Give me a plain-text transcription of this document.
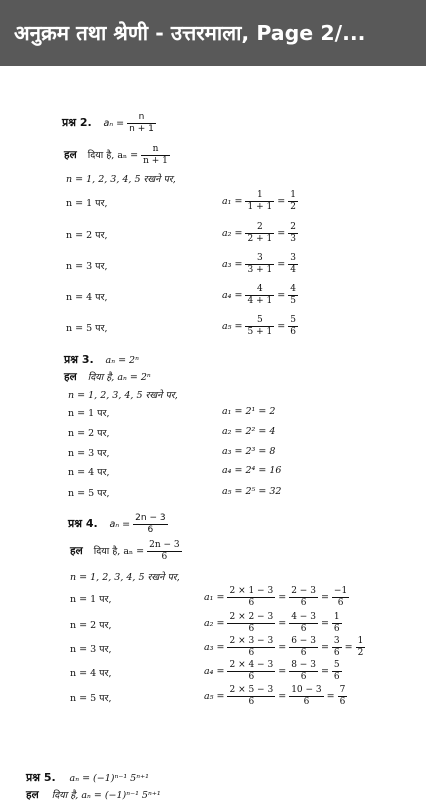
अनुक्रम तथा श्रेणी - उत्तरमाला, Page 2/...
प्रश्न 2. $a_n = \frac{n}{n + 1}$
हल दिया है, $a_n = \frac{n}{n + 1}$
n = 1, 2, 3, 4, 5 रखने पर,
n = 1 पर,	$a_1 = \frac{1}{1 + 1} = \frac{1}{2}$
n = 2 पर,	$a_2 = \frac{2}{2 + 1} = \frac{2}{3}$
n = 3 पर,	$a_3 = \frac{3}{3 + 1} = \frac{3}{4}$
n = 4 पर,	$a_4 = \frac{4}{4 + 1} = \frac{4}{5}$
n = 5 पर,	$a_5 = \frac{5}{5 + 1} = \frac{5}{6}$
प्रश्न 3. aₙ = 2ⁿ
हल दिया है, aₙ = 2ⁿ
n = 1, 2, 3, 4, 5 रखने पर,
n = 1 पर,	a₁ = 2¹ = 2
n = 2 पर,	a₂ = 2² = 4
n = 3 पर,	a₃ = 2³ = 8
n = 4 पर,	a₄ = 2⁴ = 16
n = 5 पर,	a₅ = 2⁵ = 32
प्रश्न 4. $a_n = \frac{2n - 3}{6}$
हल दिया है, $a_n = \frac{2n - 3}{6}$
n = 1, 2, 3, 4, 5 रखने पर,
n = 1 पर,	$a_1 = \frac{2 \times 1 - 3}{6} = \frac{2 - 3}{6} = \frac{-1}{6}$
n = 2 पर,	$a_2 = \frac{2 \times 2 - 3}{6} = \frac{4 - 3}{6} = \frac{1}{6}$
n = 3 पर,	$a_3 = \frac{2 \times 3 - 3}{6} = \frac{6 - 3}{6} = \frac{3}{6} = \frac{1}{2}$
n = 4 पर,	$a_4 = \frac{2 \times 4 - 3}{6} = \frac{8 - 3}{6} = \frac{5}{6}$
n = 5 पर,	$a_5 = \frac{2 \times 5 - 3}{6} = \frac{10 - 3}{6} = \frac{7}{6}$
प्रश्न 5. aₙ = (−1)ⁿ⁻¹ 5ⁿ⁺¹
हल दिया है, aₙ = (−1)ⁿ⁻¹ 5ⁿ⁺¹
